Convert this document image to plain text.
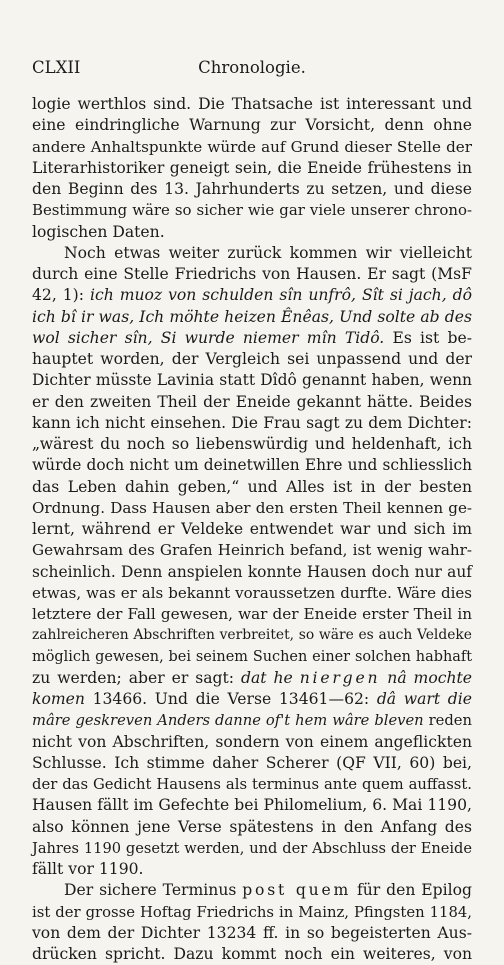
CLXII	Chronologie.
logie werthlos sind. Die Thatsache ist interessant und
eine eindringliche Warnung zur Vorsicht, denn ohne
andere Anhaltspunkte würde auf Grund dieser Stelle der
Literarhistoriker geneigt sein, die Eneide frühestens in
den Beginn des 13. Jahrhunderts zu setzen, und diese
Bestimmung wäre so sicher wie gar viele unserer chrono-
logischen Daten.
Noch etwas weiter zurück kommen wir vielleicht
durch eine Stelle Friedrichs von Hausen. Er sagt (MsF
42, 1): ich muoz von schulden sîn unfrô, Sît si jach, dô
ich bî ir was, Ich möhte heizen Ênêas, Und solte ab des
wol sicher sîn, Si wurde niemer mîn Tidô. Es ist be-
hauptet worden, der Vergleich sei unpassend und der
Dichter müsste Lavinia statt Dîdô genannt haben, wenn
er den zweiten Theil der Eneide gekannt hätte. Beides
kann ich nicht einsehen. Die Frau sagt zu dem Dichter:
„wärest du noch so liebenswürdig und heldenhaft, ich
würde doch nicht um deinetwillen Ehre und schliesslich
das Leben dahin geben,“ und Alles ist in der besten
Ordnung. Dass Hausen aber den ersten Theil kennen ge-
lernt, während er Veldeke entwendet war und sich im
Gewahrsam des Grafen Heinrich befand, ist wenig wahr-
scheinlich. Denn anspielen konnte Hausen doch nur auf
etwas, was er als bekannt voraussetzen durfte. Wäre dies
letztere der Fall gewesen, war der Eneide erster Theil in
zahlreicheren Abschriften verbreitet, so wäre es auch Veldeke
möglich gewesen, bei seinem Suchen einer solchen habhaft
zu werden; aber er sagt: dat he niergen nâ mochte
komen 13466. Und die Verse 13461—62: dâ wart die
mâre geskreven Anders danne of't hem wâre bleven reden
nicht von Abschriften, sondern von einem angeflickten
Schlusse. Ich stimme daher Scherer (QF VII, 60) bei,
der das Gedicht Hausens als terminus ante quem auffasst.
Hausen fällt im Gefechte bei Philomelium, 6. Mai 1190,
also können jene Verse spätestens in den Anfang des
Jahres 1190 gesetzt werden, und der Abschluss der Eneide
fällt vor 1190.
Der sichere Terminus post quem für den Epilog
ist der grosse Hoftag Friedrichs in Mainz, Pfingsten 1184,
von dem der Dichter 13234 ff. in so begeisterten Aus-
drücken spricht. Dazu kommt noch ein weiteres, von
